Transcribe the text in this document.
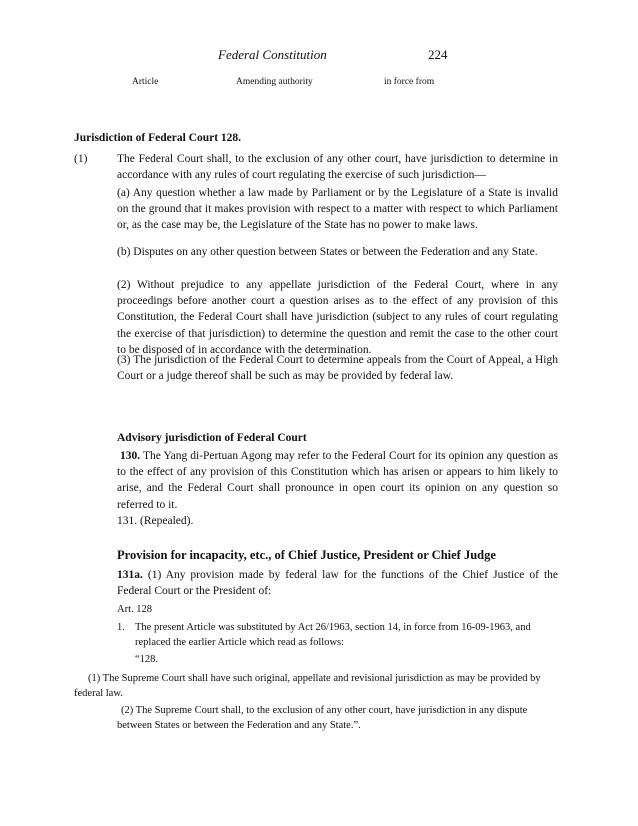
Federal Constitution	224
Article	Amending authority	in force from
Jurisdiction of Federal Court 128.
(1)	The Federal Court shall, to the exclusion of any other court, have jurisdiction to determine in accordance with any rules of court regulating the exercise of such jurisdiction—
(a) Any question whether a law made by Parliament or by the Legislature of a State is invalid on the ground that it makes provision with respect to a matter with respect to which Parliament or, as the case may be, the Legislature of the State has no power to make laws.
(b) Disputes on any other question between States or between the Federation and any State.
(2) Without prejudice to any appellate jurisdiction of the Federal Court, where in any proceedings before another court a question arises as to the effect of any provision of this Constitution, the Federal Court shall have jurisdiction (subject to any rules of court regulating the exercise of that jurisdiction) to determine the question and remit the case to the other court to be disposed of in accordance with the determination.
(3) The jurisdiction of the Federal Court to determine appeals from the Court of Appeal, a High Court or a judge thereof shall be such as may be provided by federal law.
Advisory jurisdiction of Federal Court
130. The Yang di-Pertuan Agong may refer to the Federal Court for its opinion any question as to the effect of any provision of this Constitution which has arisen or appears to him likely to arise, and the Federal Court shall pronounce in open court its opinion on any question so referred to it.
131. (Repealed).
Provision for incapacity, etc., of Chief Justice, President or Chief Judge
131a. (1) Any provision made by federal law for the functions of the Chief Justice of the Federal Court or the President of:
Art. 128
1. The present Article was substituted by Act 26/1963, section 14, in force from 16-09-1963, and replaced the earlier Article which read as follows:
“128.
(1) The Supreme Court shall have such original, appellate and revisional jurisdiction as may be provided by federal law.
(2) The Supreme Court shall, to the exclusion of any other court, have jurisdiction in any dispute between States or between the Federation and any State.”.
